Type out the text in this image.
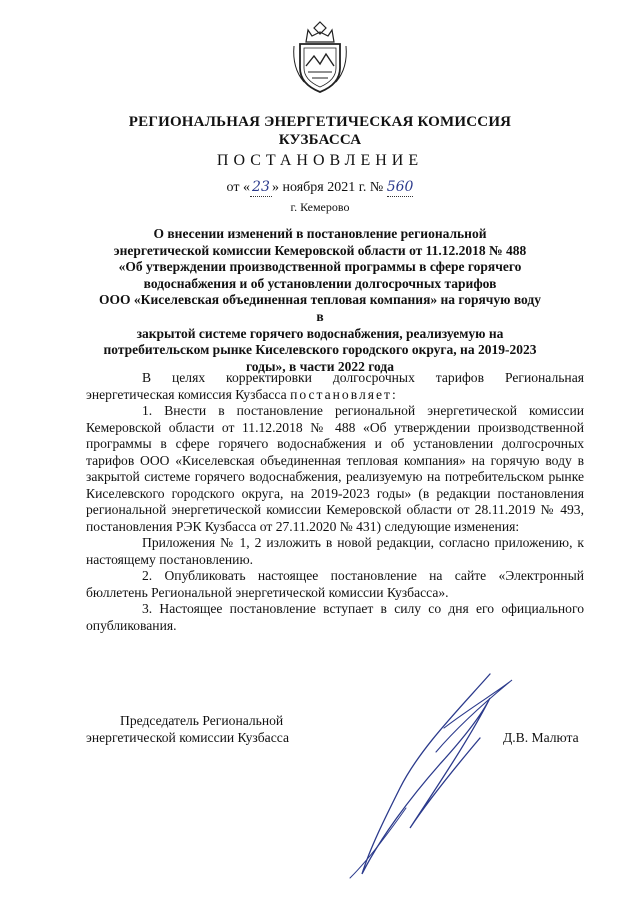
РЕГИОНАЛЬНАЯ ЭНЕРГЕТИЧЕСКАЯ КОМИССИЯ
КУЗБАССА
ПОСТАНОВЛЕНИЕ
от « 23 » ноября 2021 г. № 560
г. Кемерово
О внесении изменений в постановление региональной
энергетической комиссии Кемеровской области от 11.12.2018 № 488
«Об утверждении производственной программы в сфере горячего
водоснабжения и об установлении долгосрочных тарифов
ООО «Киселевская объединенная тепловая компания» на горячую воду в
закрытой системе горячего водоснабжения, реализуемую на
потребительском рынке Киселевского городского округа, на 2019-2023
годы», в части 2022 года

В целях корректировки долгосрочных тарифов Региональная энергетическая комиссия Кузбасса постановляет:

1. Внести в постановление региональной энергетической комиссии Кемеровской области от 11.12.2018 № 488 «Об утверждении производственной программы в сфере горячего водоснабжения и об установлении долгосрочных тарифов ООО «Киселевская объединенная тепловая компания» на горячую воду в закрытой системе горячего водоснабжения, реализуемую на потребительском рынке Киселевского городского округа, на 2019-2023 годы» (в редакции постановления региональной энергетической комиссии Кемеровской области от 28.11.2019 № 493, постановления РЭК Кузбасса от 27.11.2020 № 431) следующие изменения:

Приложения № 1, 2 изложить в новой редакции, согласно приложению, к настоящему постановлению.

2. Опубликовать настоящее постановление на сайте «Электронный бюллетень Региональной энергетической комиссии Кузбасса».

3. Настоящее постановление вступает в силу со дня его официального опубликования.

Председатель Региональной
энергетической комиссии Кузбасса	Д.В. Малюта
